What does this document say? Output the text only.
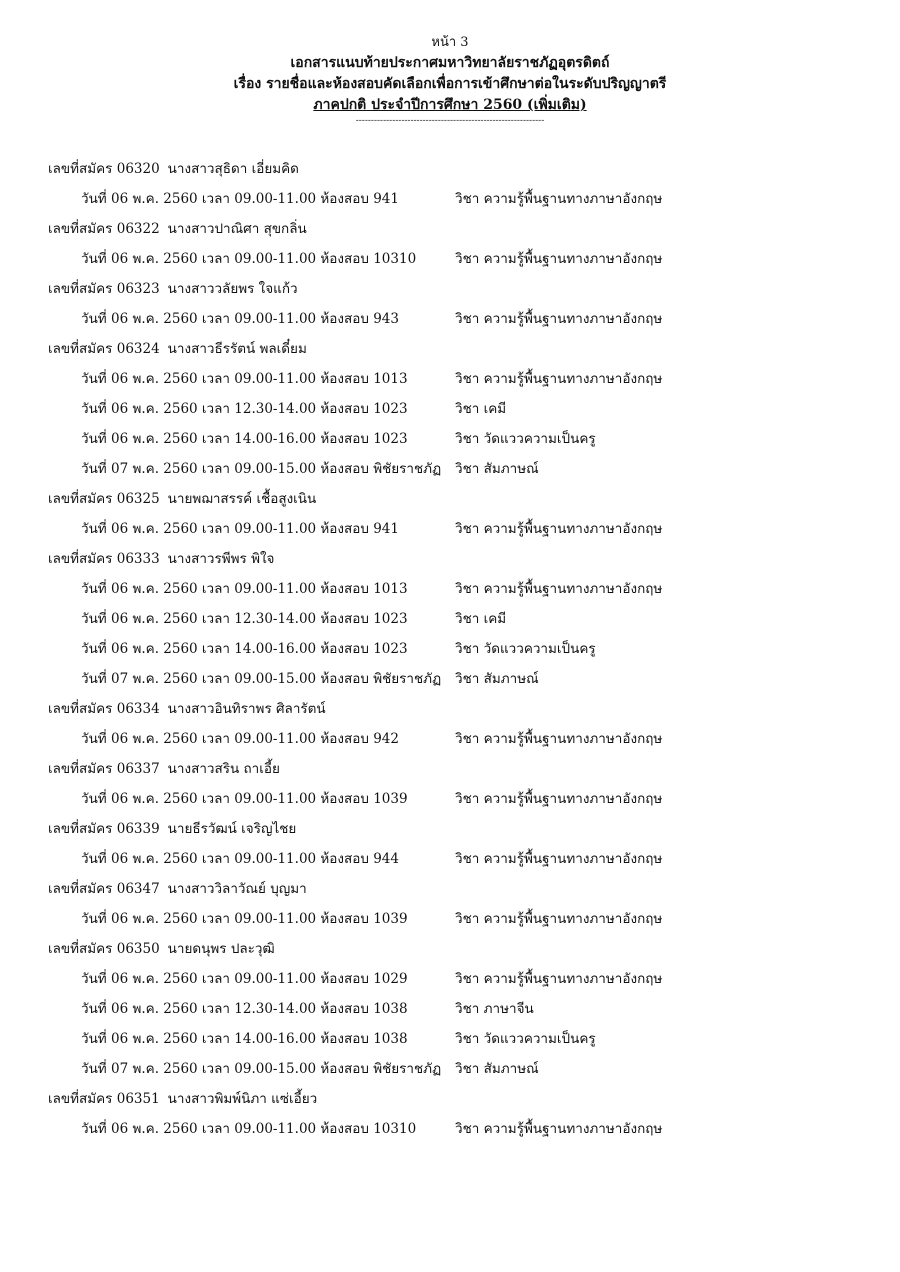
หน้า 3
เอกสารแนบท้ายประกาศมหาวิทยาลัยราชภัฏอุตรดิตถ์
เรื่อง รายชื่อและห้องสอบคัดเลือกเพื่อการเข้าศึกษาต่อในระดับปริญญาตรี
ภาคปกติ ประจำปีการศึกษา 2560 (เพิ่มเติม)
--------------------------------------------------------------
เลขที่สมัคร 06320 นางสาวสุธิดา เอี่ยมคิด
วันที่ 06 พ.ค. 2560 เวลา 09.00-11.00 ห้องสอบ 941	วิชา ความรู้พื้นฐานทางภาษาอังกฤษ
เลขที่สมัคร 06322 นางสาวปาณิศา สุขกลิ่น
วันที่ 06 พ.ค. 2560 เวลา 09.00-11.00 ห้องสอบ 10310	วิชา ความรู้พื้นฐานทางภาษาอังกฤษ
เลขที่สมัคร 06323 นางสาววลัยพร ใจแก้ว
วันที่ 06 พ.ค. 2560 เวลา 09.00-11.00 ห้องสอบ 943	วิชา ความรู้พื้นฐานทางภาษาอังกฤษ
เลขที่สมัคร 06324 นางสาวธีรรัตน์ พลเดี๋ยม
วันที่ 06 พ.ค. 2560 เวลา 09.00-11.00 ห้องสอบ 1013	วิชา ความรู้พื้นฐานทางภาษาอังกฤษ
วันที่ 06 พ.ค. 2560 เวลา 12.30-14.00 ห้องสอบ 1023	วิชา เคมี
วันที่ 06 พ.ค. 2560 เวลา 14.00-16.00 ห้องสอบ 1023	วิชา วัดแววความเป็นครู
วันที่ 07 พ.ค. 2560 เวลา 09.00-15.00 ห้องสอบ พิชัยราชภัฏ วิชา สัมภาษณ์
เลขที่สมัคร 06325 นายพฌาสรรค์ เชื้อสูงเนิน
วันที่ 06 พ.ค. 2560 เวลา 09.00-11.00 ห้องสอบ 941	วิชา ความรู้พื้นฐานทางภาษาอังกฤษ
เลขที่สมัคร 06333 นางสาวรพีพร พิใจ
วันที่ 06 พ.ค. 2560 เวลา 09.00-11.00 ห้องสอบ 1013	วิชา ความรู้พื้นฐานทางภาษาอังกฤษ
วันที่ 06 พ.ค. 2560 เวลา 12.30-14.00 ห้องสอบ 1023	วิชา เคมี
วันที่ 06 พ.ค. 2560 เวลา 14.00-16.00 ห้องสอบ 1023	วิชา วัดแววความเป็นครู
วันที่ 07 พ.ค. 2560 เวลา 09.00-15.00 ห้องสอบ พิชัยราชภัฏ วิชา สัมภาษณ์
เลขที่สมัคร 06334 นางสาวอินทิราพร ศิลารัตน์
วันที่ 06 พ.ค. 2560 เวลา 09.00-11.00 ห้องสอบ 942	วิชา ความรู้พื้นฐานทางภาษาอังกฤษ
เลขที่สมัคร 06337 นางสาวสริน ถาเอี้ย
วันที่ 06 พ.ค. 2560 เวลา 09.00-11.00 ห้องสอบ 1039	วิชา ความรู้พื้นฐานทางภาษาอังกฤษ
เลขที่สมัคร 06339 นายธีรวัฒน์ เจริญไชย
วันที่ 06 พ.ค. 2560 เวลา 09.00-11.00 ห้องสอบ 944	วิชา ความรู้พื้นฐานทางภาษาอังกฤษ
เลขที่สมัคร 06347 นางสาววิลาวัณย์ บุญมา
วันที่ 06 พ.ค. 2560 เวลา 09.00-11.00 ห้องสอบ 1039	วิชา ความรู้พื้นฐานทางภาษาอังกฤษ
เลขที่สมัคร 06350 นายดนุพร ปละวุฒิ
วันที่ 06 พ.ค. 2560 เวลา 09.00-11.00 ห้องสอบ 1029	วิชา ความรู้พื้นฐานทางภาษาอังกฤษ
วันที่ 06 พ.ค. 2560 เวลา 12.30-14.00 ห้องสอบ 1038	วิชา ภาษาจีน
วันที่ 06 พ.ค. 2560 เวลา 14.00-16.00 ห้องสอบ 1038	วิชา วัดแววความเป็นครู
วันที่ 07 พ.ค. 2560 เวลา 09.00-15.00 ห้องสอบ พิชัยราชภัฏ วิชา สัมภาษณ์
เลขที่สมัคร 06351 นางสาวพิมพ์นิภา แซ่เอี้ยว
วันที่ 06 พ.ค. 2560 เวลา 09.00-11.00 ห้องสอบ 10310	วิชา ความรู้พื้นฐานทางภาษาอังกฤษ
